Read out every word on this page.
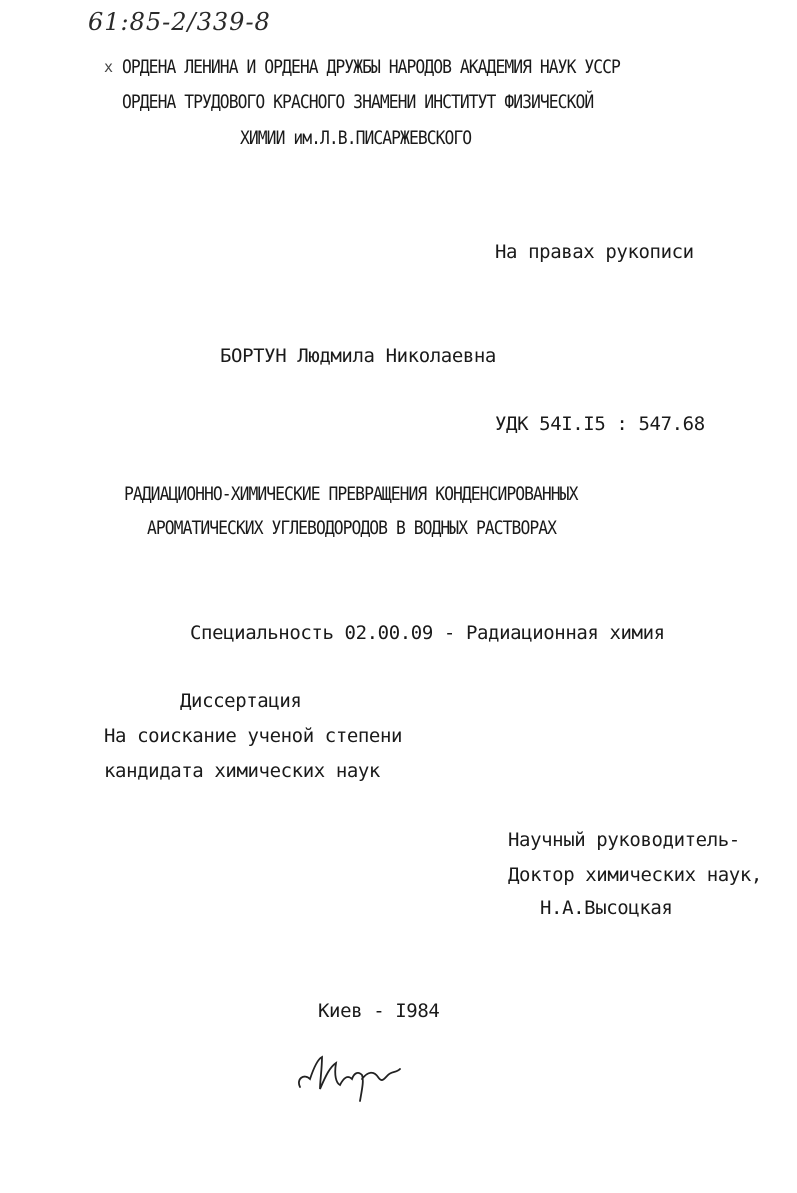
61:85-2/339-8
x ОРДЕНА ЛЕНИНА И ОРДЕНА ДРУЖБЫ НАРОДОВ АКАДЕМИЯ НАУК УССР
ОРДЕНА ТРУДОВОГО КРАСНОГО ЗНАМЕНИ ИНСТИТУТ ФИЗИЧЕСКОЙ
ХИМИИ им.Л.В.ПИСАРЖЕВСКОГО
На правах рукописи
БОРТУН Людмила Николаевна
УДК 54I.I5 : 547.68
РАДИАЦИОННО-ХИМИЧЕСКИЕ ПРЕВРАЩЕНИЯ КОНДЕНСИРОВАННЫХ
АРОМАТИЧЕСКИХ УГЛЕВОДОРОДОВ В ВОДНЫХ РАСТВОРАХ
Специальность 02.00.09 - Радиационная химия
Диссертация
На соискание ученой степени
кандидата химических наук
Научный руководитель-
Доктор химических наук,
Н.А.Высоцкая
Киев - I984
